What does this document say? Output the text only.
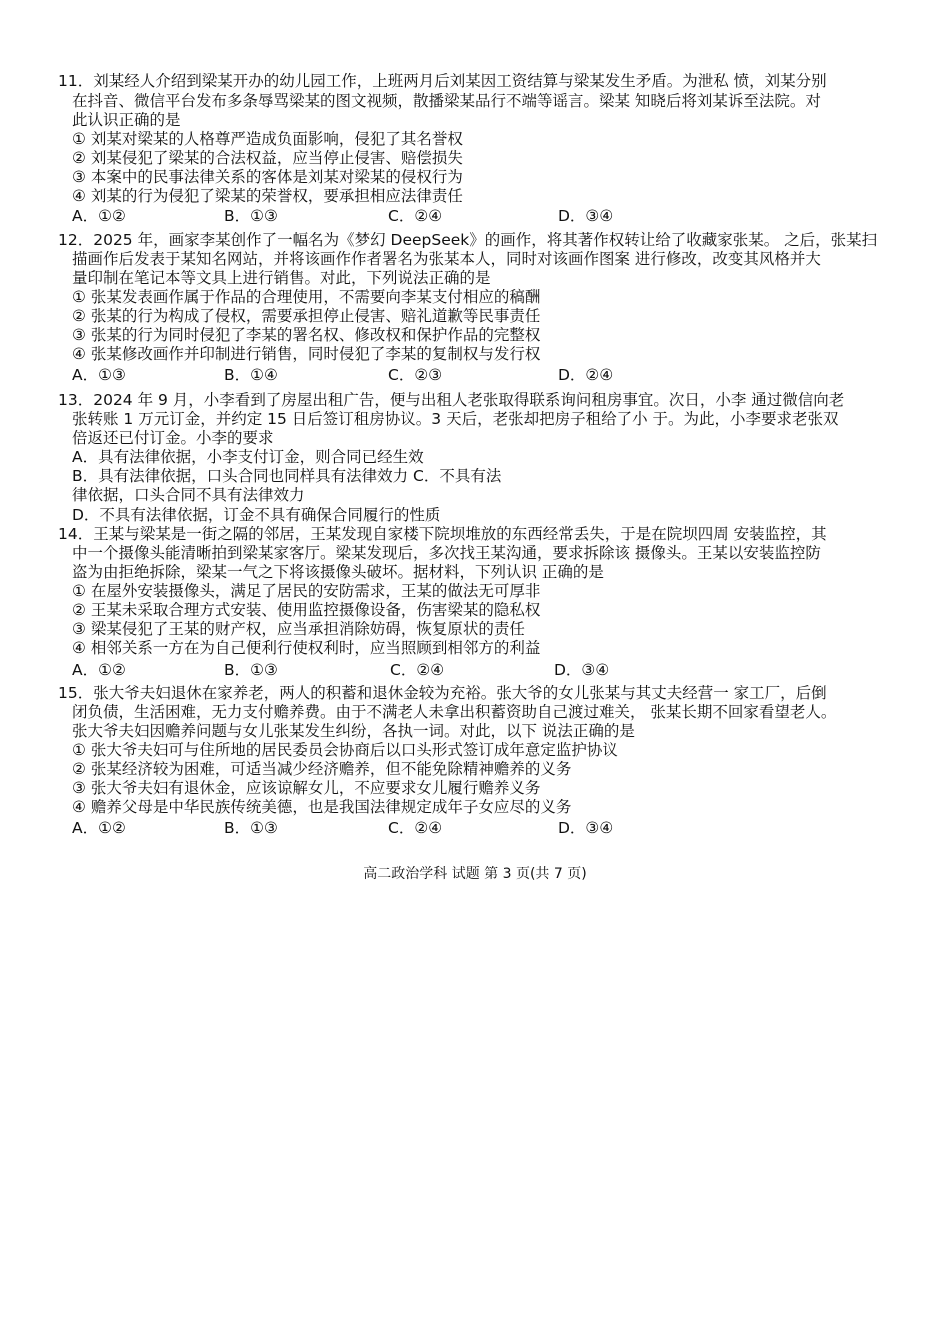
11．刘某经人介绍到梁某开办的幼儿园工作，上班两月后刘某因工资结算与梁某发生矛盾。为泄私 愤，刘某分别
在抖音、微信平台发布多条辱骂梁某的图文视频，散播梁某品行不端等谣言。梁某 知晓后将刘某诉至法院。对
此认识正确的是
① 刘某对梁某的人格尊严造成负面影响，侵犯了其名誉权
② 刘某侵犯了梁某的合法权益，应当停止侵害、赔偿损失
③ 本案中的民事法律关系的客体是刘某对梁某的侵权行为
④ 刘某的行为侵犯了梁某的荣誉权，要承担相应法律责任
A．①②	B．①③	C．②④	D．③④
12．2025 年，画家李某创作了一幅名为《梦幻 DeepSeek》的画作，将其著作权转让给了收藏家张某。 之后，张某扫
描画作后发表于某知名网站，并将该画作作者署名为张某本人，同时对该画作图案 进行修改，改变其风格并大
量印制在笔记本等文具上进行销售。对此，下列说法正确的是
① 张某发表画作属于作品的合理使用，不需要向李某支付相应的稿酬
② 张某的行为构成了侵权，需要承担停止侵害、赔礼道歉等民事责任
③ 张某的行为同时侵犯了李某的署名权、修改权和保护作品的完整权
④ 张某修改画作并印制进行销售，同时侵犯了李某的复制权与发行权
A．①③	B．①④	C．②③	D．②④
13．2024 年 9 月，小李看到了房屋出租广告，便与出租人老张取得联系询问租房事宜。次日，小李 通过微信向老
张转账 1 万元订金，并约定 15 日后签订租房协议。3 天后，老张却把房子租给了小 于。为此，小李要求老张双
倍返还已付订金。小李的要求
A．具有法律依据，小李支付订金，则合同已经生效
B．具有法律依据，口头合同也同样具有法律效力 C．不具有法
律依据，口头合同不具有法律效力
D．不具有法律依据，订金不具有确保合同履行的性质
14．王某与梁某是一街之隔的邻居，王某发现自家楼下院坝堆放的东西经常丢失，于是在院坝四周 安装监控，其
中一个摄像头能清晰拍到梁某家客厅。梁某发现后，多次找王某沟通，要求拆除该 摄像头。王某以安装监控防
盗为由拒绝拆除，梁某一气之下将该摄像头破坏。据材料，下列认识 正确的是
① 在屋外安装摄像头，满足了居民的安防需求，王某的做法无可厚非
② 王某未采取合理方式安装、使用监控摄像设备，伤害梁某的隐私权
③ 梁某侵犯了王某的财产权，应当承担消除妨碍，恢复原状的责任
④ 相邻关系一方在为自己便利行使权利时，应当照顾到相邻方的利益
A．①②	B．①③	C．②④	D．③④
15．张大爷夫妇退休在家养老，两人的积蓄和退休金较为充裕。张大爷的女儿张某与其丈夫经营一 家工厂，后倒
闭负债，生活困难，无力支付赡养费。由于不满老人未拿出积蓄资助自己渡过难关， 张某长期不回家看望老人。
张大爷夫妇因赡养问题与女儿张某发生纠纷，各执一词。对此，以下 说法正确的是
① 张大爷夫妇可与住所地的居民委员会协商后以口头形式签订成年意定监护协议
② 张某经济较为困难，可适当减少经济赡养，但不能免除精神赡养的义务
③ 张大爷夫妇有退休金，应该谅解女儿，不应要求女儿履行赡养义务
④ 赡养父母是中华民族传统美德，也是我国法律规定成年子女应尽的义务
A．①②	B．①③	C．②④	D．③④
高二政治学科 试题 第 3 页(共 7 页)
